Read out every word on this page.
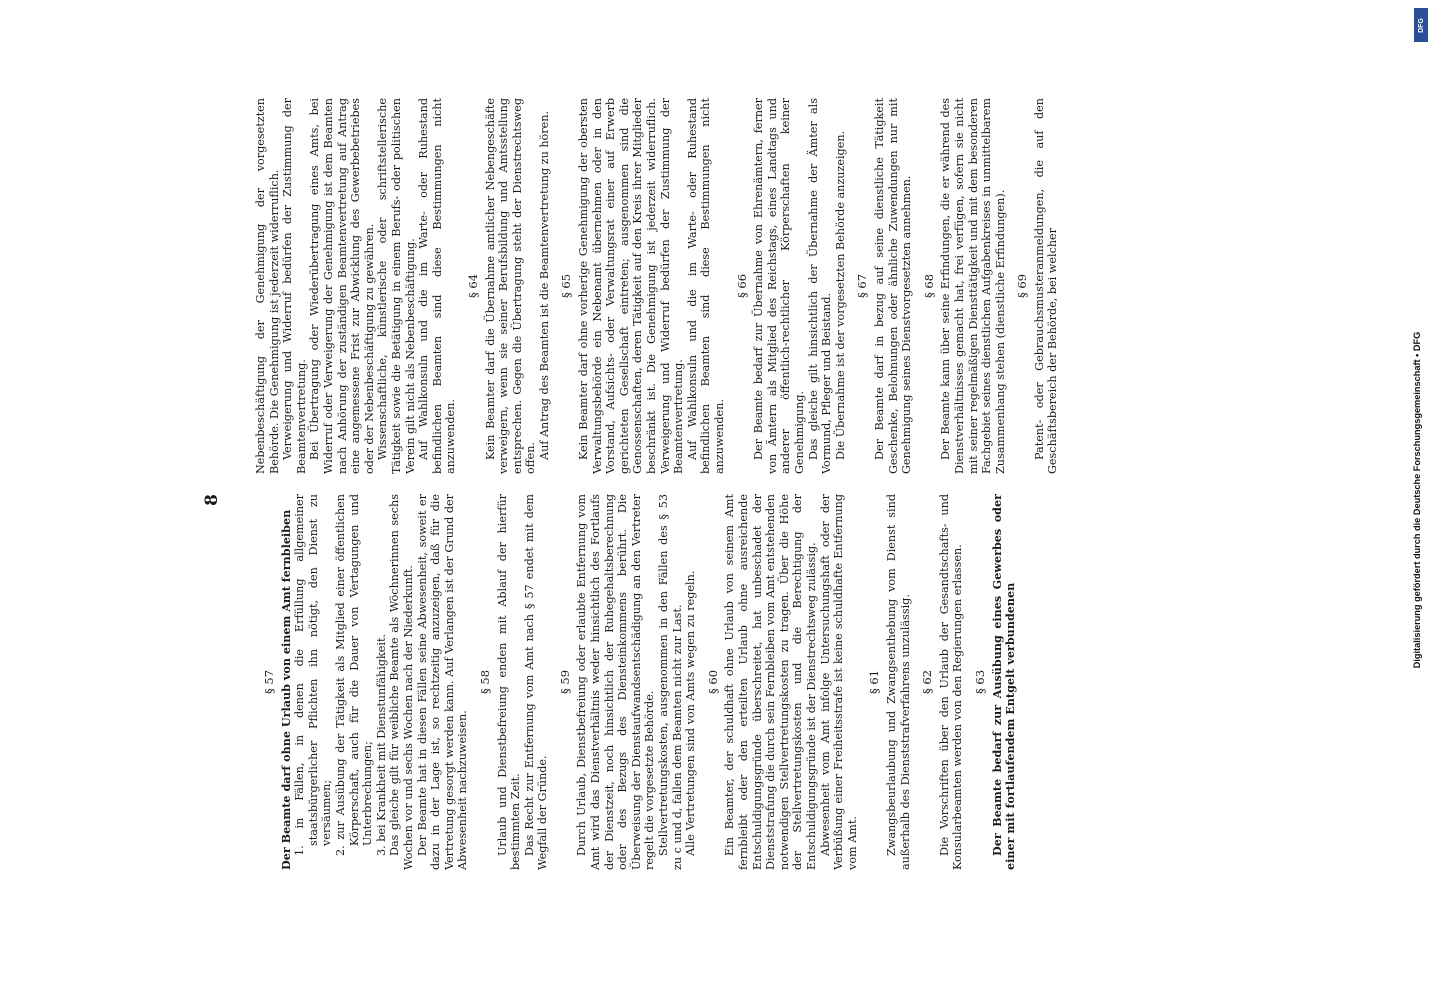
8
§ 57 Der Beamte darf ohne Urlaub von einem Amt fernbleiben 1. in Fällen, in denen die Erfüllung allgemeiner staatsbürgerlicher Pflichten ihn nötigt, den Dienst zu versäumen; 2. zur Ausübung der Tätigkeit als Mitglied einer öffentlichen Körperschaft, auch für die Dauer von Vertagungen und Unterbrechungen; 3. bei Krankheit mit Dienstunfähigkeit. Das gleiche gilt für weibliche Beamte als Wöchnerinnen sechs Wochen vor und sechs Wochen nach der Niederkunft. Der Beamte hat in diesen Fällen seine Abwesenheit, soweit er dazu in der Lage ist, so rechtzeitig anzuzeigen, daß für die Vertretung gesorgt werden kann. Auf Verlangen ist der Grund der Abwesenheit nachzuweisen.

§ 58 Urlaub und Dienstbefreiung enden mit Ablauf der hierfür bestimmten Zeit. Das Recht zur Entfernung vom Amt nach § 57 endet mit dem Wegfall der Gründe.

§ 59 Durch Urlaub, Dienstbefreiung oder erlaubte Entfernung vom Amt wird das Dienstverhältnis weder hinsichtlich des Fortlaufs der Dienstzeit, noch hinsichtlich der Ruhegehaltsberechnung oder des Bezugs des Diensteinkommens berührt. Die Überweisung der Dienstaufwandsentschädigung an den Vertreter regelt die vorgesetzte Behörde. Stellvertretungskosten, ausgenommen in den Fällen des § 53 zu c und d, fallen dem Beamten nicht zur Last. Alle Vertretungen sind von Amts wegen zu regeln. § 60 Ein Beamter, der schuldhaft ohne Urlaub von seinem Amt fernbleibt oder den erteilten Urlaub ohne ausreichende Entschuldigungsgründe überschreitet, hat unbeschadet der Dienststrafung die durch sein Fernbleiben vom Amt entstehenden notwendigen Stellvertretungskosten zu tragen. Über die Höhe der Stellvertretungskosten und die Berechtigung der Entschuldigungsgründe ist der Dienstrechtsweg zulässig. Abwesenheit vom Amt infolge Untersuchungshaft oder der Verbüßung einer Freiheitsstrafe ist keine schuldhafte Entfernung vom Amt.

§ 61 Zwangsbeurlaubung und Zwangsenthebung vom Dienst sind außerhalb des Dienststrafverfahrens unzulässig. § 62 Die Vorschriften über den Urlaub der Gesandtschafts- und Konsularbeamten werden von den Regierungen erlassen. § 63 Der Beamte bedarf zur Ausübung eines Gewerbes oder einer mit fortlaufendem Entgelt verbundenen

Nebenbeschäftigung der Genehmigung der vorgesetzten Behörde. Die Genehmigung ist jederzeit widerruflich. Verweigerung und Widerruf bedürfen der Zustimmung der Beamtenvertretung. Bei Übertragung oder Wiederübertragung eines Amts, bei Widerruf oder Verweigerung der Genehmigung ist dem Beamten nach Anhörung der zuständigen Beamtenvertretung auf Antrag eine angemessene Frist zur Abwicklung des Gewerbebetriebes oder der Nebenbeschäftigung zu gewähren. Wissenschaftliche, künstlerische oder schriftstellerische Tätigkeit sowie die Betätigung in einem Berufs- oder politischen Verein gilt nicht als Nebenbeschäftigung. Auf Wahlkonsuln und die im Warte- oder Ruhestand befindlichen Beamten sind diese Bestimmungen nicht anzuwenden.

§ 64 Kein Beamter darf die Übernahme amtlicher Nebengeschäfte verweigern, wenn sie seiner Berufsbildung und Amtsstellung entsprechen. Gegen die Übertragung steht der Dienstrechtsweg offen. Auf Antrag des Beamten ist die Beamtenvertretung zu hören. § 65 Kein Beamter darf ohne vorherige Genehmigung der obersten Verwaltungsbehörde ein Nebenamt übernehmen oder in den Vorstand, Aufsichts- oder Verwaltungsrat einer auf Erwerb gerichteten Gesellschaft eintreten; ausgenommen sind die Genossenschaften, deren Tätigkeit auf den Kreis ihrer Mitglieder beschränkt ist. Die Genehmigung ist jederzeit widerruflich. Verweigerung und Widerruf bedürfen der Zustimmung der Beamtenvertretung. Auf Wahlkonsuln und die im Warte- oder Ruhestand befindlichen Beamten sind diese Bestimmungen nicht anzuwenden.

§ 66 Der Beamte bedarf zur Übernahme von Ehrenämtern, ferner von Ämtern als Mitglied des Reichstags, eines Landtags und anderer öffentlich-rechtlicher Körperschaften keiner Genehmigung. Das gleiche gilt hinsichtlich der Übernahme der Ämter als Vormund, Pfleger und Beistand. Die Übernahme ist der vorgesetzten Behörde anzuzeigen. § 67 Der Beamte darf in bezug auf seine dienstliche Tätigkeit Geschenke, Belohnungen oder ähnliche Zuwendungen nur mit Genehmigung seines Dienstvorgesetzten annehmen. § 68 Der Beamte kann über seine Erfindungen, die er während des Dienstverhältnisses gemacht hat, frei verfügen, sofern sie nicht mit seiner regelmäßigen Diensttätigkeit und mit dem besonderen Fachgebiet seines dienstlichen Aufgabenkreises in unmittelbarem Zusammenhang stehen (dienstliche Erfindungen). § 69 Patent- oder Gebrauchsmusteranmeldungen, die auf den Geschäftsbereich der Behörde, bei welcher	Digitalisierung gefördert durch die Deutsche Forschungsgemeinschaft • DFG
DFG
